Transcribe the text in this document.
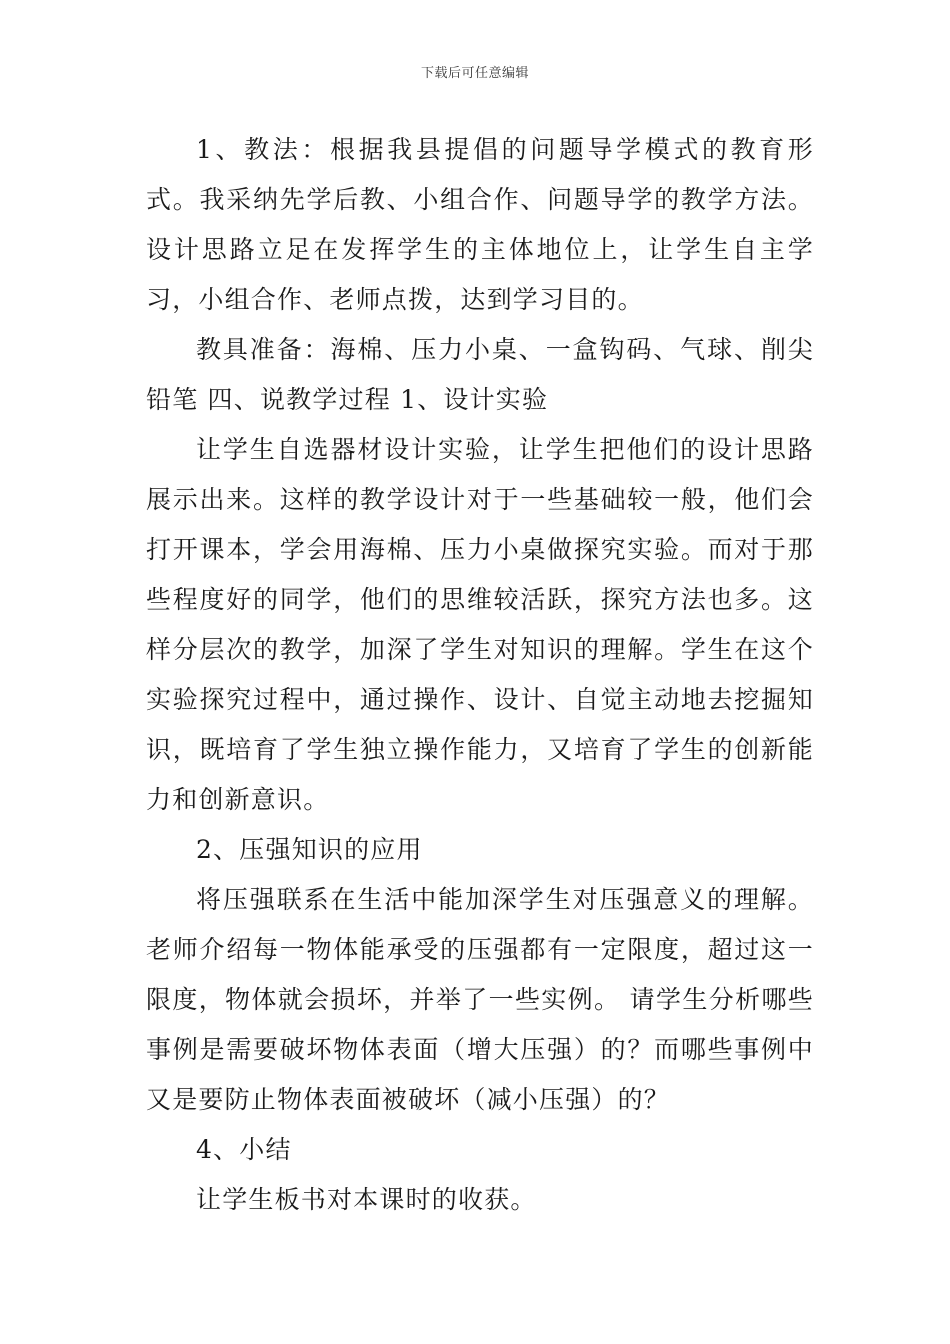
下载后可任意编辑

1、教法：根据我县提倡的问题导学模式的教育形式。我采纳先学后教、小组合作、问题导学的教学方法。设计思路立足在发挥学生的主体地位上，让学生自主学习，小组合作、老师点拨，达到学习目的。

教具准备：海棉、压力小桌、一盒钩码、气球、削尖铅笔 四、说教学过程 1、设计实验

让学生自选器材设计实验，让学生把他们的设计思路展示出来。这样的教学设计对于一些基础较一般，他们会打开课本，学会用海棉、压力小桌做探究实验。而对于那些程度好的同学，他们的思维较活跃，探究方法也多。这样分层次的教学，加深了学生对知识的理解。学生在这个实验探究过程中，通过操作、设计、自觉主动地去挖掘知识，既培育了学生独立操作能力，又培育了学生的创新能力和创新意识。

2、压强知识的应用

将压强联系在生活中能加深学生对压强意义的理解。老师介绍每一物体能承受的压强都有一定限度，超过这一限度，物体就会损坏，并举了一些实例。 请学生分析哪些事例是需要破坏物体表面（增大压强）的？而哪些事例中又是要防止物体表面被破坏（减小压强）的？

4、小结

让学生板书对本课时的收获。
